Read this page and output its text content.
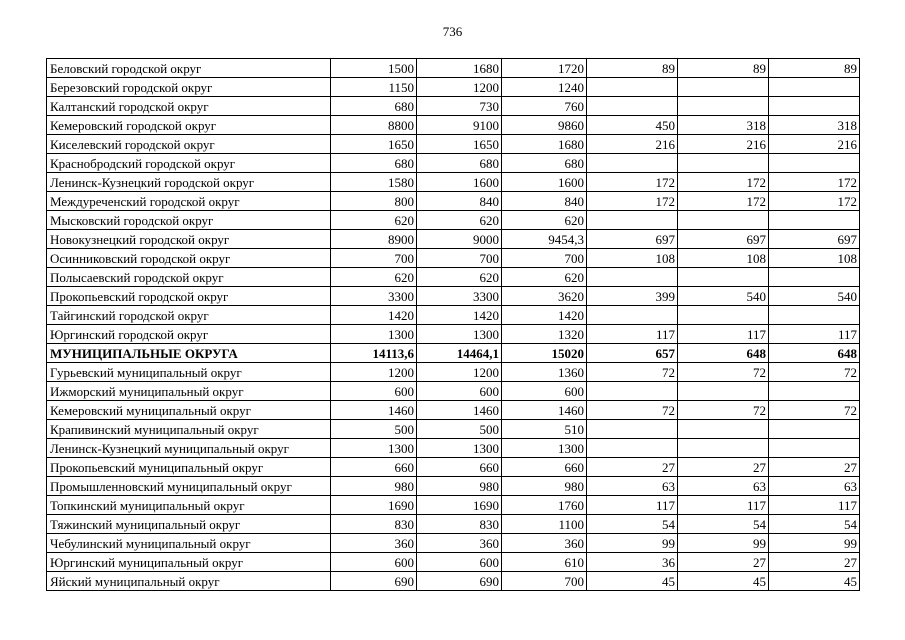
736
Беловский городской округ	1500	1680	1720	89	89	89
Березовский городской округ	1150	1200	1240			
Калтанский городской округ	680	730	760			
Кемеровский городской округ	8800	9100	9860	450	318	318
Киселевский городской округ	1650	1650	1680	216	216	216
Краснобродский городской округ	680	680	680			
Ленинск-Кузнецкий городской округ	1580	1600	1600	172	172	172
Междуреченский городской округ	800	840	840	172	172	172
Мысковский городской округ	620	620	620			
Новокузнецкий городской округ	8900	9000	9454,3	697	697	697
Осинниковский городской округ	700	700	700	108	108	108
Полысаевский городской округ	620	620	620			
Прокопьевский городской округ	3300	3300	3620	399	540	540
Тайгинский городской округ	1420	1420	1420			
Юргинский городской округ	1300	1300	1320	117	117	117
МУНИЦИПАЛЬНЫЕ ОКРУГА	14113,6	14464,1	15020	657	648	648
Гурьевский муниципальный округ	1200	1200	1360	72	72	72
Ижморский муниципальный округ	600	600	600			
Кемеровский муниципальный округ	1460	1460	1460	72	72	72
Крапивинский муниципальный округ	500	500	510			
Ленинск-Кузнецкий муниципальный округ	1300	1300	1300			
Прокопьевский муниципальный округ	660	660	660	27	27	27
Промышленновский муниципальный округ	980	980	980	63	63	63
Топкинский муниципальный округ	1690	1690	1760	117	117	117
Тяжинский муниципальный округ	830	830	1100	54	54	54
Чебулинский муниципальный округ	360	360	360	99	99	99
Юргинский муниципальный округ	600	600	610	36	27	27
Яйский муниципальный округ	690	690	700	45	45	45
